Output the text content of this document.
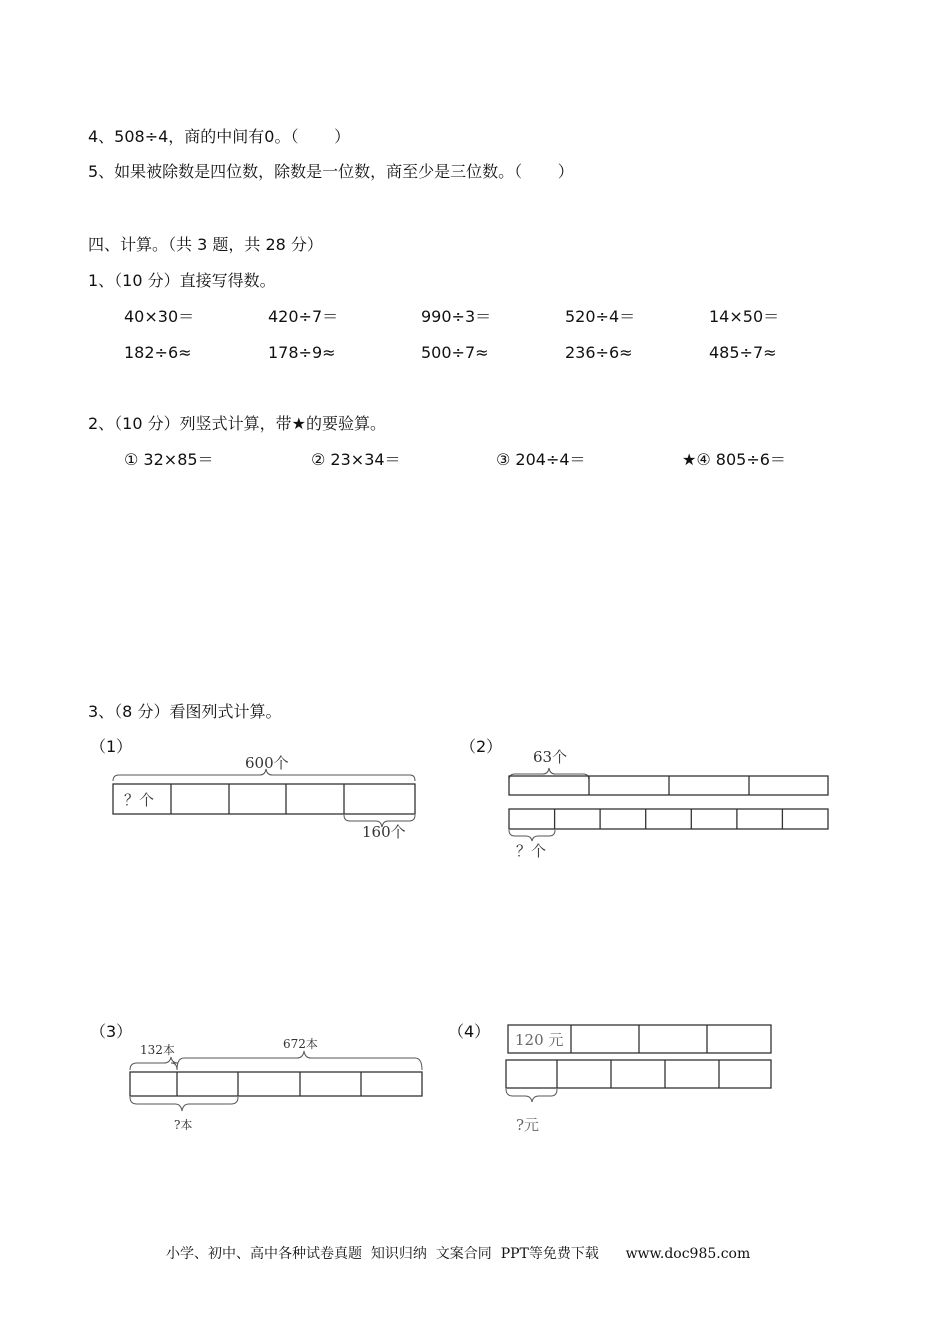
4、508÷4，商的中间有0。（       ）
5、如果被除数是四位数，除数是一位数，商至少是三位数。（       ）
四、计算。（共 3 题，共 28 分）
1、（10 分）直接写得数。
40×30＝	420÷7＝	990÷3＝	520÷4＝	14×50＝
182÷6≈	178÷9≈	500÷7≈	236÷6≈	485÷7≈
2、（10 分）列竖式计算，带★的要验算。
① 32×85＝	② 23×34＝	③ 204÷4＝	★④ 805÷6＝
3、（8 分）看图列式计算。
（1）
600个
？个
160个
（2）
63个
？个
（3）
132本	672本
?本
（4） 120 元
?元
小学、初中、高中各种试卷真题  知识归纳  文案合同  PPT等免费下载      www.doc985.com
